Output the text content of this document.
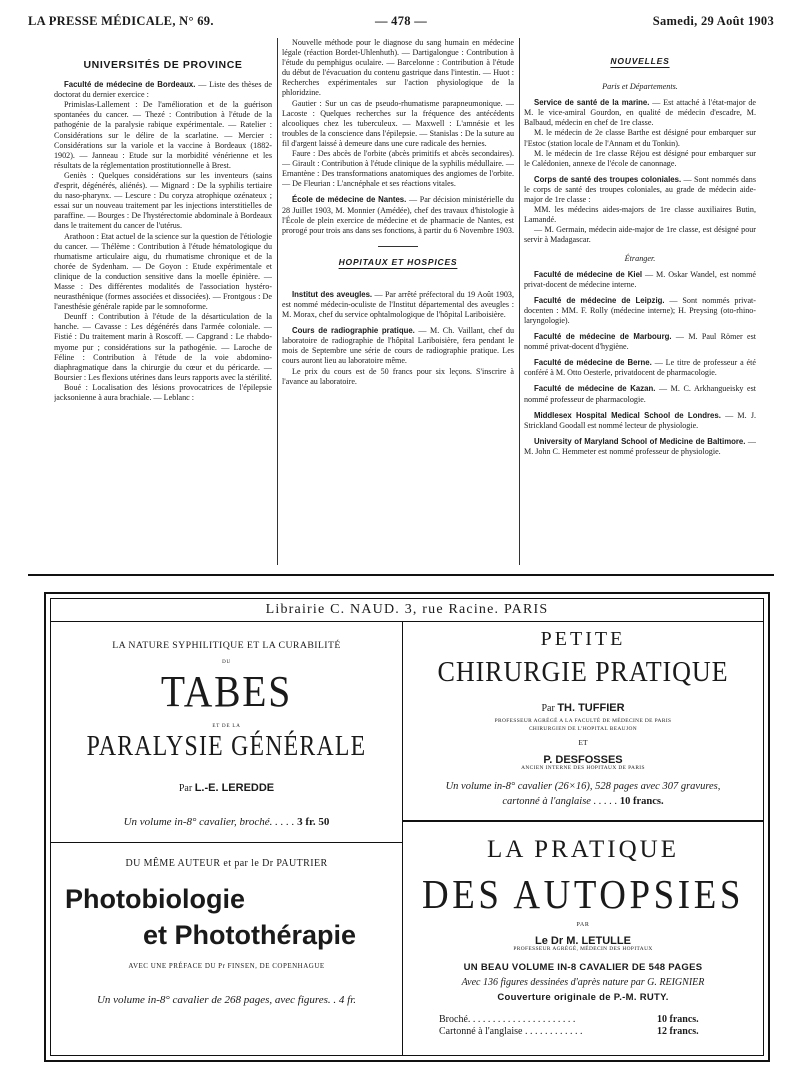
LA PRESSE MÉDICALE, N° 69.	— 478 —	Samedi, 29 Août 1903
UNIVERSITÉS DE PROVINCE

Faculté de médecine de Bordeaux. — Liste des thèses de doctorat du dernier exercice :

Primislas-Lallement : De l'amélioration et de la guérison spontanées du cancer. — Thezé : Contribution à l'étude de la pathogénie de la paralysie rabique expérimentale. — Ratelier : Considérations sur le délire de la scarlatine. — Mercier : Considérations sur la variole et la vaccine à Bordeaux (1882-1902). — Janneau : Etude sur la morbidité vénérienne et les résultats de la réglementation prostitutionnelle à Brest.

Geniès : Quelques considérations sur les inventeurs (sains d'esprit, dégénérés, aliénés). — Mignard : De la syphilis tertiaire du naso-pharynx. — Lescure : Du coryza atrophique ozénateux ; essai sur un nouveau traitement par les injections interstitielles de paraffine. — Bourges : De l'hystérectomie abdominale à Bordeaux dans le traitement du cancer de l'utérus.

Arathoon : Etat actuel de la science sur la question de l'étiologie du cancer. — Thélème : Contribution à l'étude hématologique du rhumatisme articulaire aigu, du rhumatisme chronique et de la chorée de Sydenham. — De Goyon : Etude expérimentale et clinique de la conduction sensitive dans la moelle épinière. — Masse : Des différentes modalités de l'association hystéro-neurasthénique (formes associées et dissociées). — Frontgous : De l'anesthésie générale rapide par le somnoforme.

Deunff : Contribution à l'étude de la désarticulation de la hanche. — Cavasse : Les dégénérés dans l'armée coloniale. — Fistié : Du traitement marin à Roscoff. — Capgrand : Le rhabdo-myome pur ; considérations sur la pathogénie. — Laroche de Féline : Contribution à l'étude de la voie abdomino-diaphragmatique dans la chirurgie du cœur et du péricarde. — Boursier : Les flexions utérines dans leurs rapports avec la stérilité.

Boué : Localisation des lésions provocatrices de l'épilepsie jacksonienne à aura brachiale. — Leblanc :

Nouvelle méthode pour le diagnose du sang humain en médecine légale (réaction Bordet-Uhlenhuth). — Dartigalongue : Contribution à l'étude du pemphigus oculaire. — Barcelonne : Contribution à l'étude du début de l'évacuation du contenu gastrique dans l'intestin. — Huot : Recherches expérimentales sur l'action physiologique de la phloridzine.

Gautier : Sur un cas de pseudo-rhumatisme parapneumonique. — Lacoste : Quelques recherches sur la fréquence des antécédents alcooliques chez les tuberculeux. — Maxwell : L'amnésie et les troubles de la conscience dans l'épilepsie. — Stanislas : De la suture au fil d'argent laissé à demeure dans une cure radicale des hernies.

Faure : Des abcès de l'orbite (abcès primitifs et abcès secondaires). — Girault : Contribution à l'étude clinique de la syphilis médullaire. — Ernantène : Des transformations anatomiques des angiomes de l'orbite. — De Fleurian : L'ancnéphale et ses réactions vitales.

École de médecine de Nantes. — Par décision ministérielle du 28 Juillet 1903, M. Monnier (Amédée), chef des travaux d'histologie à l'École de plein exercice de médecine et de pharmacie de Nantes, est prorogé pour trois ans dans ses fonctions, à partir du 6 Novembre 1903.

HOPITAUX ET HOSPICES

Institut des aveugles. — Par arrêté préfectoral du 19 Août 1903, est nommé médecin-oculiste de l'Institut départemental des aveugles : M. Morax, chef du service ophtalmologique de l'hôpital Lariboisière.

Cours de radiographie pratique. — M. Ch. Vaillant, chef du laboratoire de radiographie de l'hôpital Lariboisière, fera pendant le mois de Septembre une série de cours de radiographie pratique. Les cours auront lieu au laboratoire même.

Le prix du cours est de 50 francs pour six leçons. S'inscrire à l'avance au laboratoire.

NOUVELLES
Paris et Départements.

Service de santé de la marine. — Est attaché à l'état-major de M. le vice-amiral Gourdon, en qualité de médecin d'escadre, M. Balbaud, médecin en chef de 1re classe.

M. le médecin de 2e classe Barthe est désigné pour embarquer sur l'Estoc (station locale de l'Annam et du Tonkin).

M. le médecin de 1re classe Réjou est désigné pour embarquer sur le Calédonien, annexe de l'école de canonnage.

Corps de santé des troupes coloniales. — Sont nommés dans le corps de santé des troupes coloniales, au grade de médecin aide-major de 1re classe :

MM. les médecins aides-majors de 1re classe auxiliaires Butin, Lamandé.

— M. Germain, médecin aide-major de 1re classe, est désigné pour servir à Madagascar.

Étranger.

Faculté de médecine de Kiel — M. Oskar Wandel, est nommé privat-docent de médecine interne.

Faculté de médecine de Leipzig. — Sont nommés privat-docenten : MM. F. Rolly (médecine interne); H. Preysing (oto-rhino-laryngologie).

Faculté de médecine de Marbourg. — M. Paul Römer est nommé privat-docent d'hygiène.

Faculté de médecine de Berne. — Le titre de professeur a été conféré à M. Otto Oesterle, privatdocent de pharmacologie.

Faculté de médecine de Kazan. — M. C. Arkhangueisky est nommé professeur de pharmacologie.

Middlesex Hospital Medical School de Londres. — M. J. Strickland Goodall est nommé lecteur de physiologie.

University of Maryland School of Medicine de Baltimore. — M. John C. Hemmeter est nommé professeur de physiologie.

Librairie C. NAUD. 3, rue Racine. PARIS
LA NATURE SYPHILITIQUE ET LA CURABILITÉ
DU
TABES
ET DE LA
PARALYSIE GÉNÉRALE
Par L.-E. LEREDDE
Un volume in-8° cavalier, broché. . . . . 3 fr. 50
DU MÊME AUTEUR et par le Dr PAUTRIER
Photobiologie
et Photothérapie
AVEC UNE PRÉFACE DU Pr FINSEN, DE COPENHAGUE
Un volume in-8° cavalier de 268 pages, avec figures. . 4 fr.
PETITE
CHIRURGIE PRATIQUE
Par TH. TUFFIER
PROFESSEUR AGRÉGÉ A LA FACULTÉ DE MÉDECINE DE PARIS
CHIRURGIEN DE L'HOPITAL BEAUJON
ET
P. DESFOSSES
ANCIEN INTERNE DES HOPITAUX DE PARIS
Un volume in-8° cavalier (26×16), 528 pages avec 307 gravures,
cartonné à l'anglaise . . . . . 10 francs.
LA PRATIQUE
DES AUTOPSIES
PAR
Le Dr M. LETULLE
PROFESSEUR AGRÉGÉ, MÉDECIN DES HOPITAUX
UN BEAU VOLUME IN-8 CAVALIER DE 548 PAGES
Avec 136 figures dessinées d'après nature par G. REIGNIER
Couverture originale de P.-M. RUTY.
Broché. . . . . . . . . . . . . . . . . . . . . .	10 francs.
Cartonné à l'anglaise . . . . . . . . . . . .	12 francs.
